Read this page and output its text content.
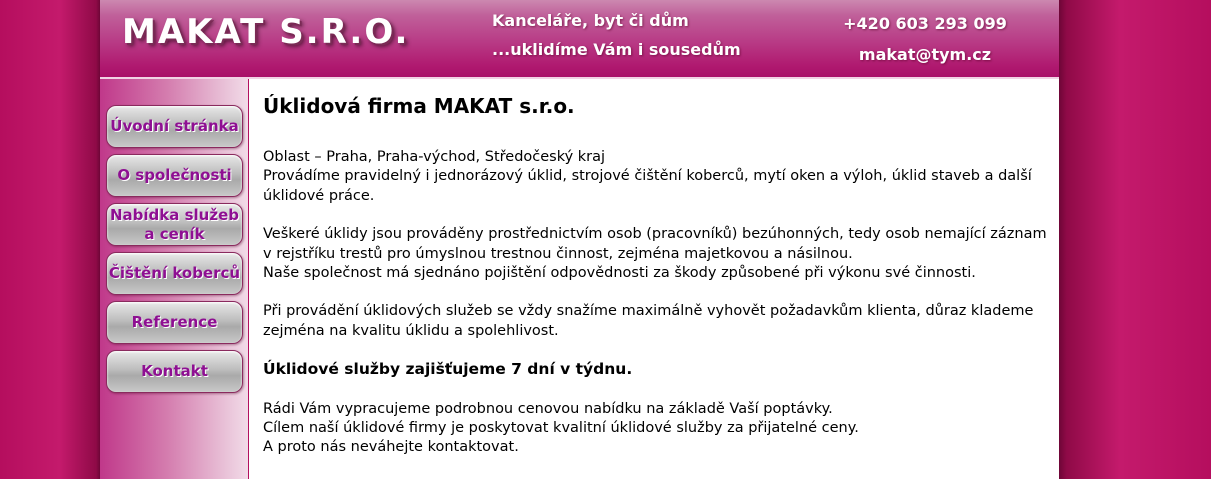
MAKAT S.R.O.	Kanceláře, byt či dům
...uklidíme Vám i sousedům
+420 603 293 099
makat@tym.cz
Úvodní stránka
O společnosti
Nabídka služeb a ceník
Čištění koberců
Reference
Kontakt
Úklidová firma MAKAT s.r.o.

Oblast – Praha, Praha-východ, Středočeský kraj
Provádíme pravidelný i jednorázový úklid, strojové čištění koberců, mytí oken a výloh, úklid staveb a další úklidové práce.

Veškeré úklidy jsou prováděny prostřednictvím osob (pracovníků) bezúhonných, tedy osob nemající záznam v rejstříku trestů pro úmyslnou trestnou činnost, zejména majetkovou a násilnou.
Naše společnost má sjednáno pojištění odpovědnosti za škody způsobené při výkonu své činnosti.

Při provádění úklidových služeb se vždy snažíme maximálně vyhovět požadavkům klienta, důraz klademe zejména na kvalitu úklidu a spolehlivost.

Úklidové služby zajišťujeme 7 dní v týdnu.

Rádi Vám vypracujeme podrobnou cenovou nabídku na základě Vaší poptávky.
Cílem naší úklidové firmy je poskytovat kvalitní úklidové služby za přijatelné ceny.
A proto nás neváhejte kontaktovat.
